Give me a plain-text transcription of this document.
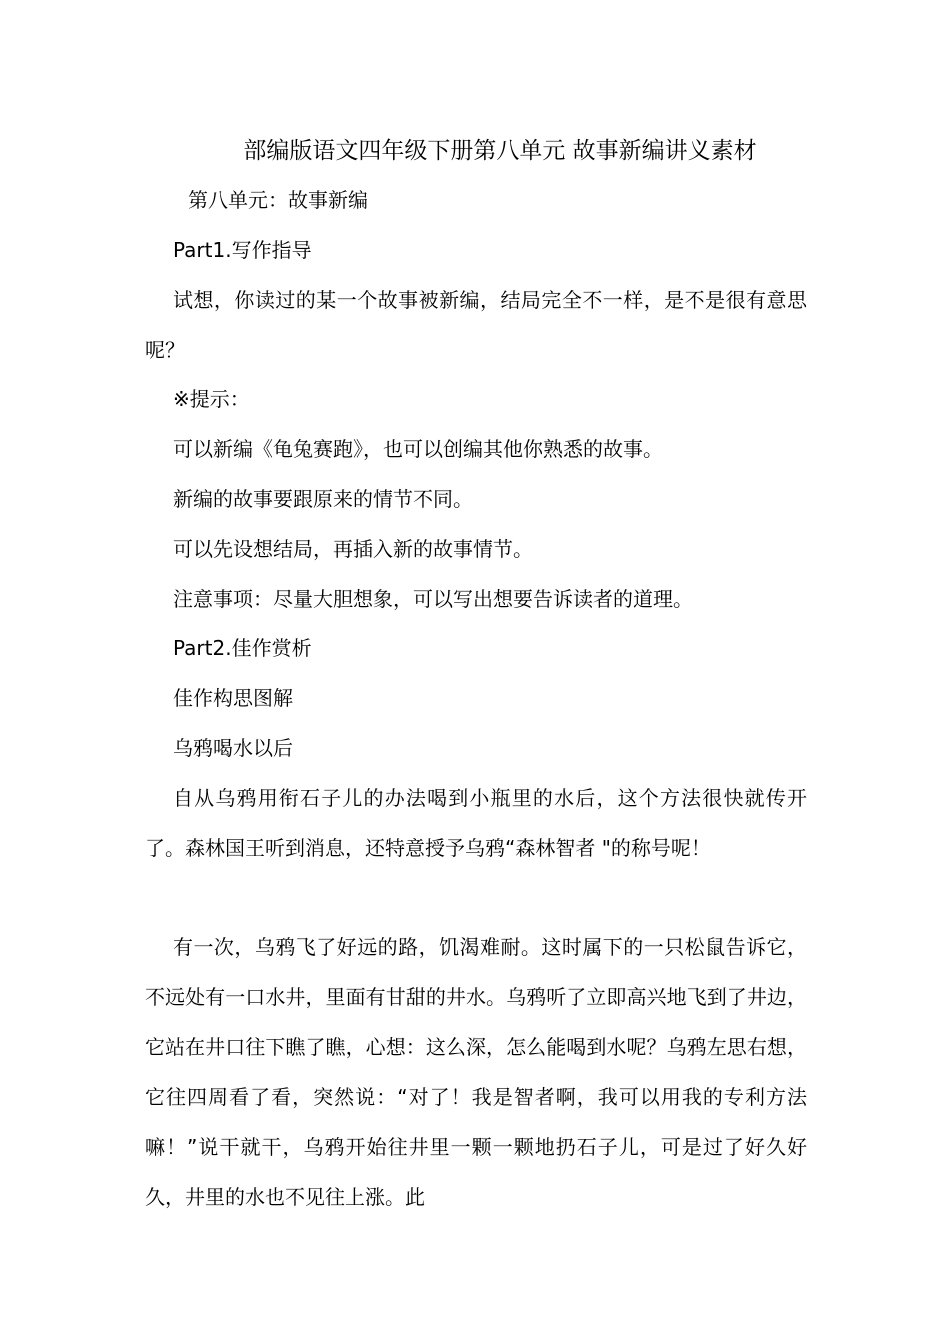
部编版语文四年级下册第八单元 故事新编讲义素材
第八单元：故事新编
Part1.写作指导

试想，你读过的某一个故事被新编，结局完全不一样，是不是很有意思呢？

※提示：
可以新编《龟兔赛跑》，也可以创编其他你熟悉的故事。
新编的故事要跟原来的情节不同。
可以先设想结局，再插入新的故事情节。
注意事项：尽量大胆想象，可以写出想要告诉读者的道理。
Part2.佳作赏析
佳作构思图解
乌鸦喝水以后

自从乌鸦用衔石子儿的办法喝到小瓶里的水后，这个方法很快就传开了。森林国王听到消息，还特意授予乌鸦“森林智者 "的称号呢！

有一次，乌鸦飞了好远的路，饥渴难耐。这时属下的一只松鼠告诉它，不远处有一口水井，里面有甘甜的井水。乌鸦听了立即高兴地飞到了井边，它站在井口往下瞧了瞧，心想：这么深，怎么能喝到水呢？乌鸦左思右想，它往四周看了看，突然说：“对了！我是智者啊，我可以用我的专利方法嘛！”说干就干，乌鸦开始往井里一颗一颗地扔石子儿，可是过了好久好久，井里的水也不见往上涨。此
